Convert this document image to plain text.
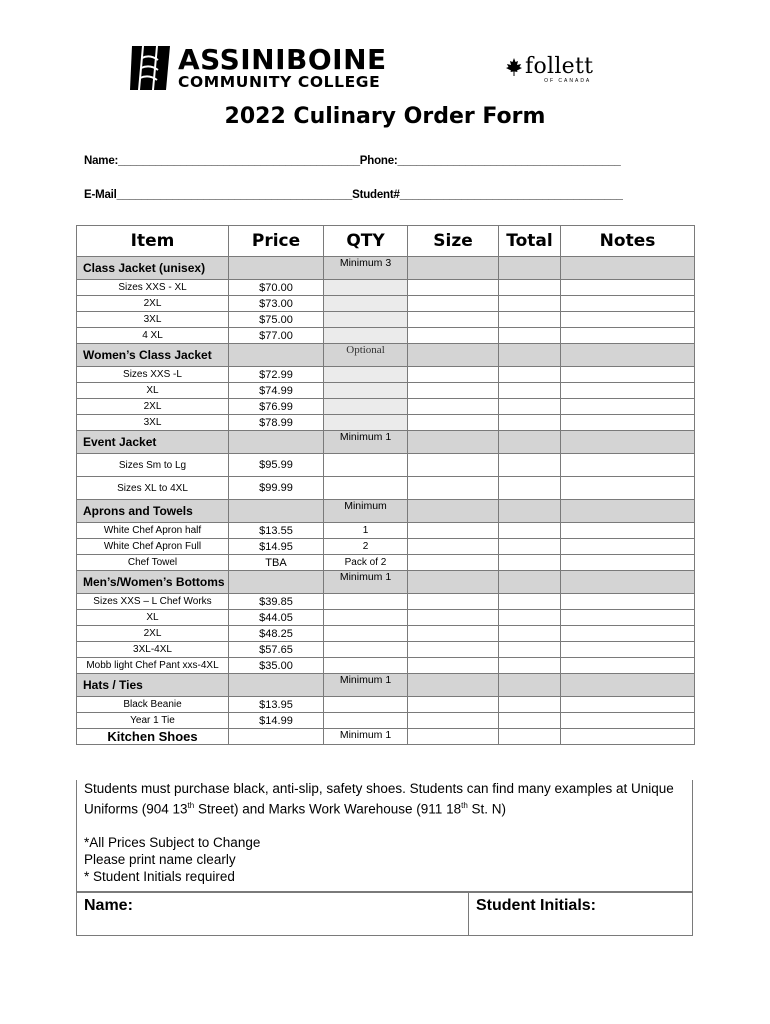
ASSINIBOINE
COMMUNITY COLLEGE
follett
OF CANADA
2022 Culinary Order Form
Name:_______________________________________Phone:____________________________________
E-Mail______________________________________Student#____________________________________
Item	Price	QTY	Size	Total	Notes
Class Jacket (unisex)		Minimum 3			
Sizes XXS - XL	$70.00				
2XL	$73.00				
3XL	$75.00				
4 XL	$77.00				
Women’s Class Jacket		Optional			
Sizes XXS -L	$72.99				
XL	$74.99				
2XL	$76.99				
3XL	$78.99				
Event Jacket		Minimum 1			
Sizes Sm to Lg	$95.99				
Sizes XL to 4XL	$99.99				
Aprons and Towels		Minimum			
White Chef Apron half	$13.55	1			
White Chef Apron Full	$14.95	2			
Chef Towel	TBA	Pack of 2			
Men’s/Women’s Bottoms		Minimum 1			
Sizes XXS – L Chef Works	$39.85				
XL	$44.05				
2XL	$48.25				
3XL-4XL	$57.65				
Mobb light Chef Pant xxs-4XL	$35.00				
Hats / Ties		Minimum 1			
Black Beanie	$13.95				
Year 1 Tie	$14.99				
Kitchen Shoes		Minimum 1			

Students must purchase black, anti-slip, safety shoes. Students can find many examples at Unique

Uniforms (904 13th Street) and Marks Work Warehouse (911 18th St. N)

*All Prices Subject to Change

Please print name clearly

* Student Initials required

Name:	Student Initials:
